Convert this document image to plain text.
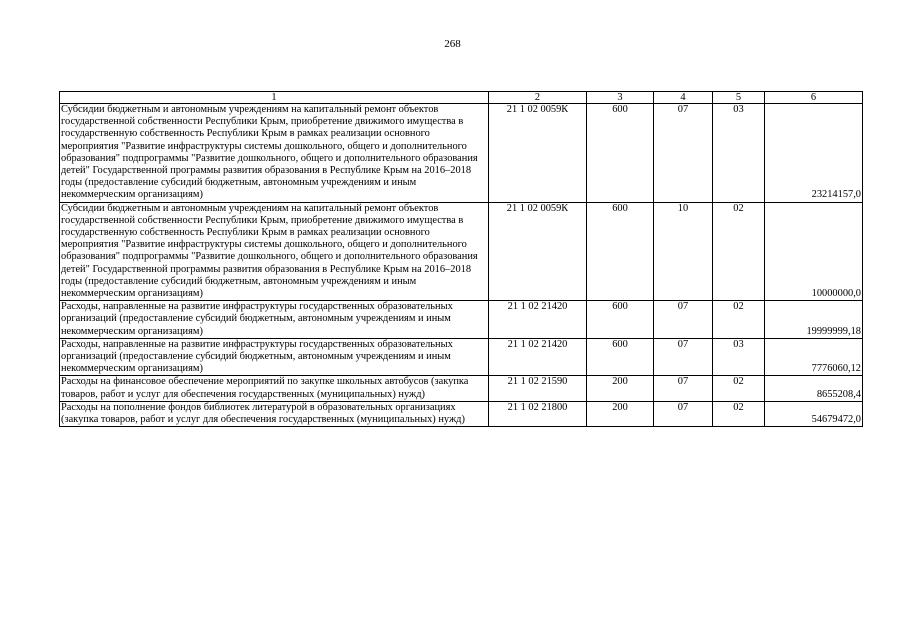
268
1	2	3	4	5	6
Субсидии бюджетным и автономным учреждениям на капитальный ремонт объектов государственной собственности Республики Крым, приобретение движимого имущества в государственную собственность Республики Крым в рамках реализации основного мероприятия "Развитие инфраструктуры системы дошкольного, общего и дополнительного образования" подпрограммы "Развитие дошкольного, общего и дополнительного образования детей" Государственной программы развития образования в Республике Крым на 2016–2018 годы (предоставление субсидий бюджетным, автономным учреждениям и иным некоммерческим организациям)	21 1 02 0059К	600	07	03	23214157,0
Субсидии бюджетным и автономным учреждениям на капитальный ремонт объектов государственной собственности Республики Крым, приобретение движимого имущества в государственную собственность Республики Крым в рамках реализации основного мероприятия "Развитие инфраструктуры системы дошкольного, общего и дополнительного образования" подпрограммы "Развитие дошкольного, общего и дополнительного образования детей" Государственной программы развития образования в Республике Крым на 2016–2018 годы (предоставление субсидий бюджетным, автономным учреждениям и иным некоммерческим организациям)	21 1 02 0059К	600	10	02	10000000,0
Расходы, направленные на развитие инфраструктуры государственных образовательных организаций (предоставление субсидий бюджетным, автономным учреждениям и иным некоммерческим организациям)	21 1 02 21420	600	07	02	19999999,18
Расходы, направленные на развитие инфраструктуры государственных образовательных организаций (предоставление субсидий бюджетным, автономным учреждениям и иным некоммерческим организациям)	21 1 02 21420	600	07	03	7776060,12
Расходы на финансовое обеспечение мероприятий по закупке школьных автобусов (закупка товаров, работ и услуг для обеспечения государственных (муниципальных) нужд)	21 1 02 21590	200	07	02	8655208,4
Расходы на пополнение фондов библиотек литературой в образовательных организациях (закупка товаров, работ и услуг для обеспечения государственных (муниципальных) нужд)	21 1 02 21800	200	07	02	54679472,0
